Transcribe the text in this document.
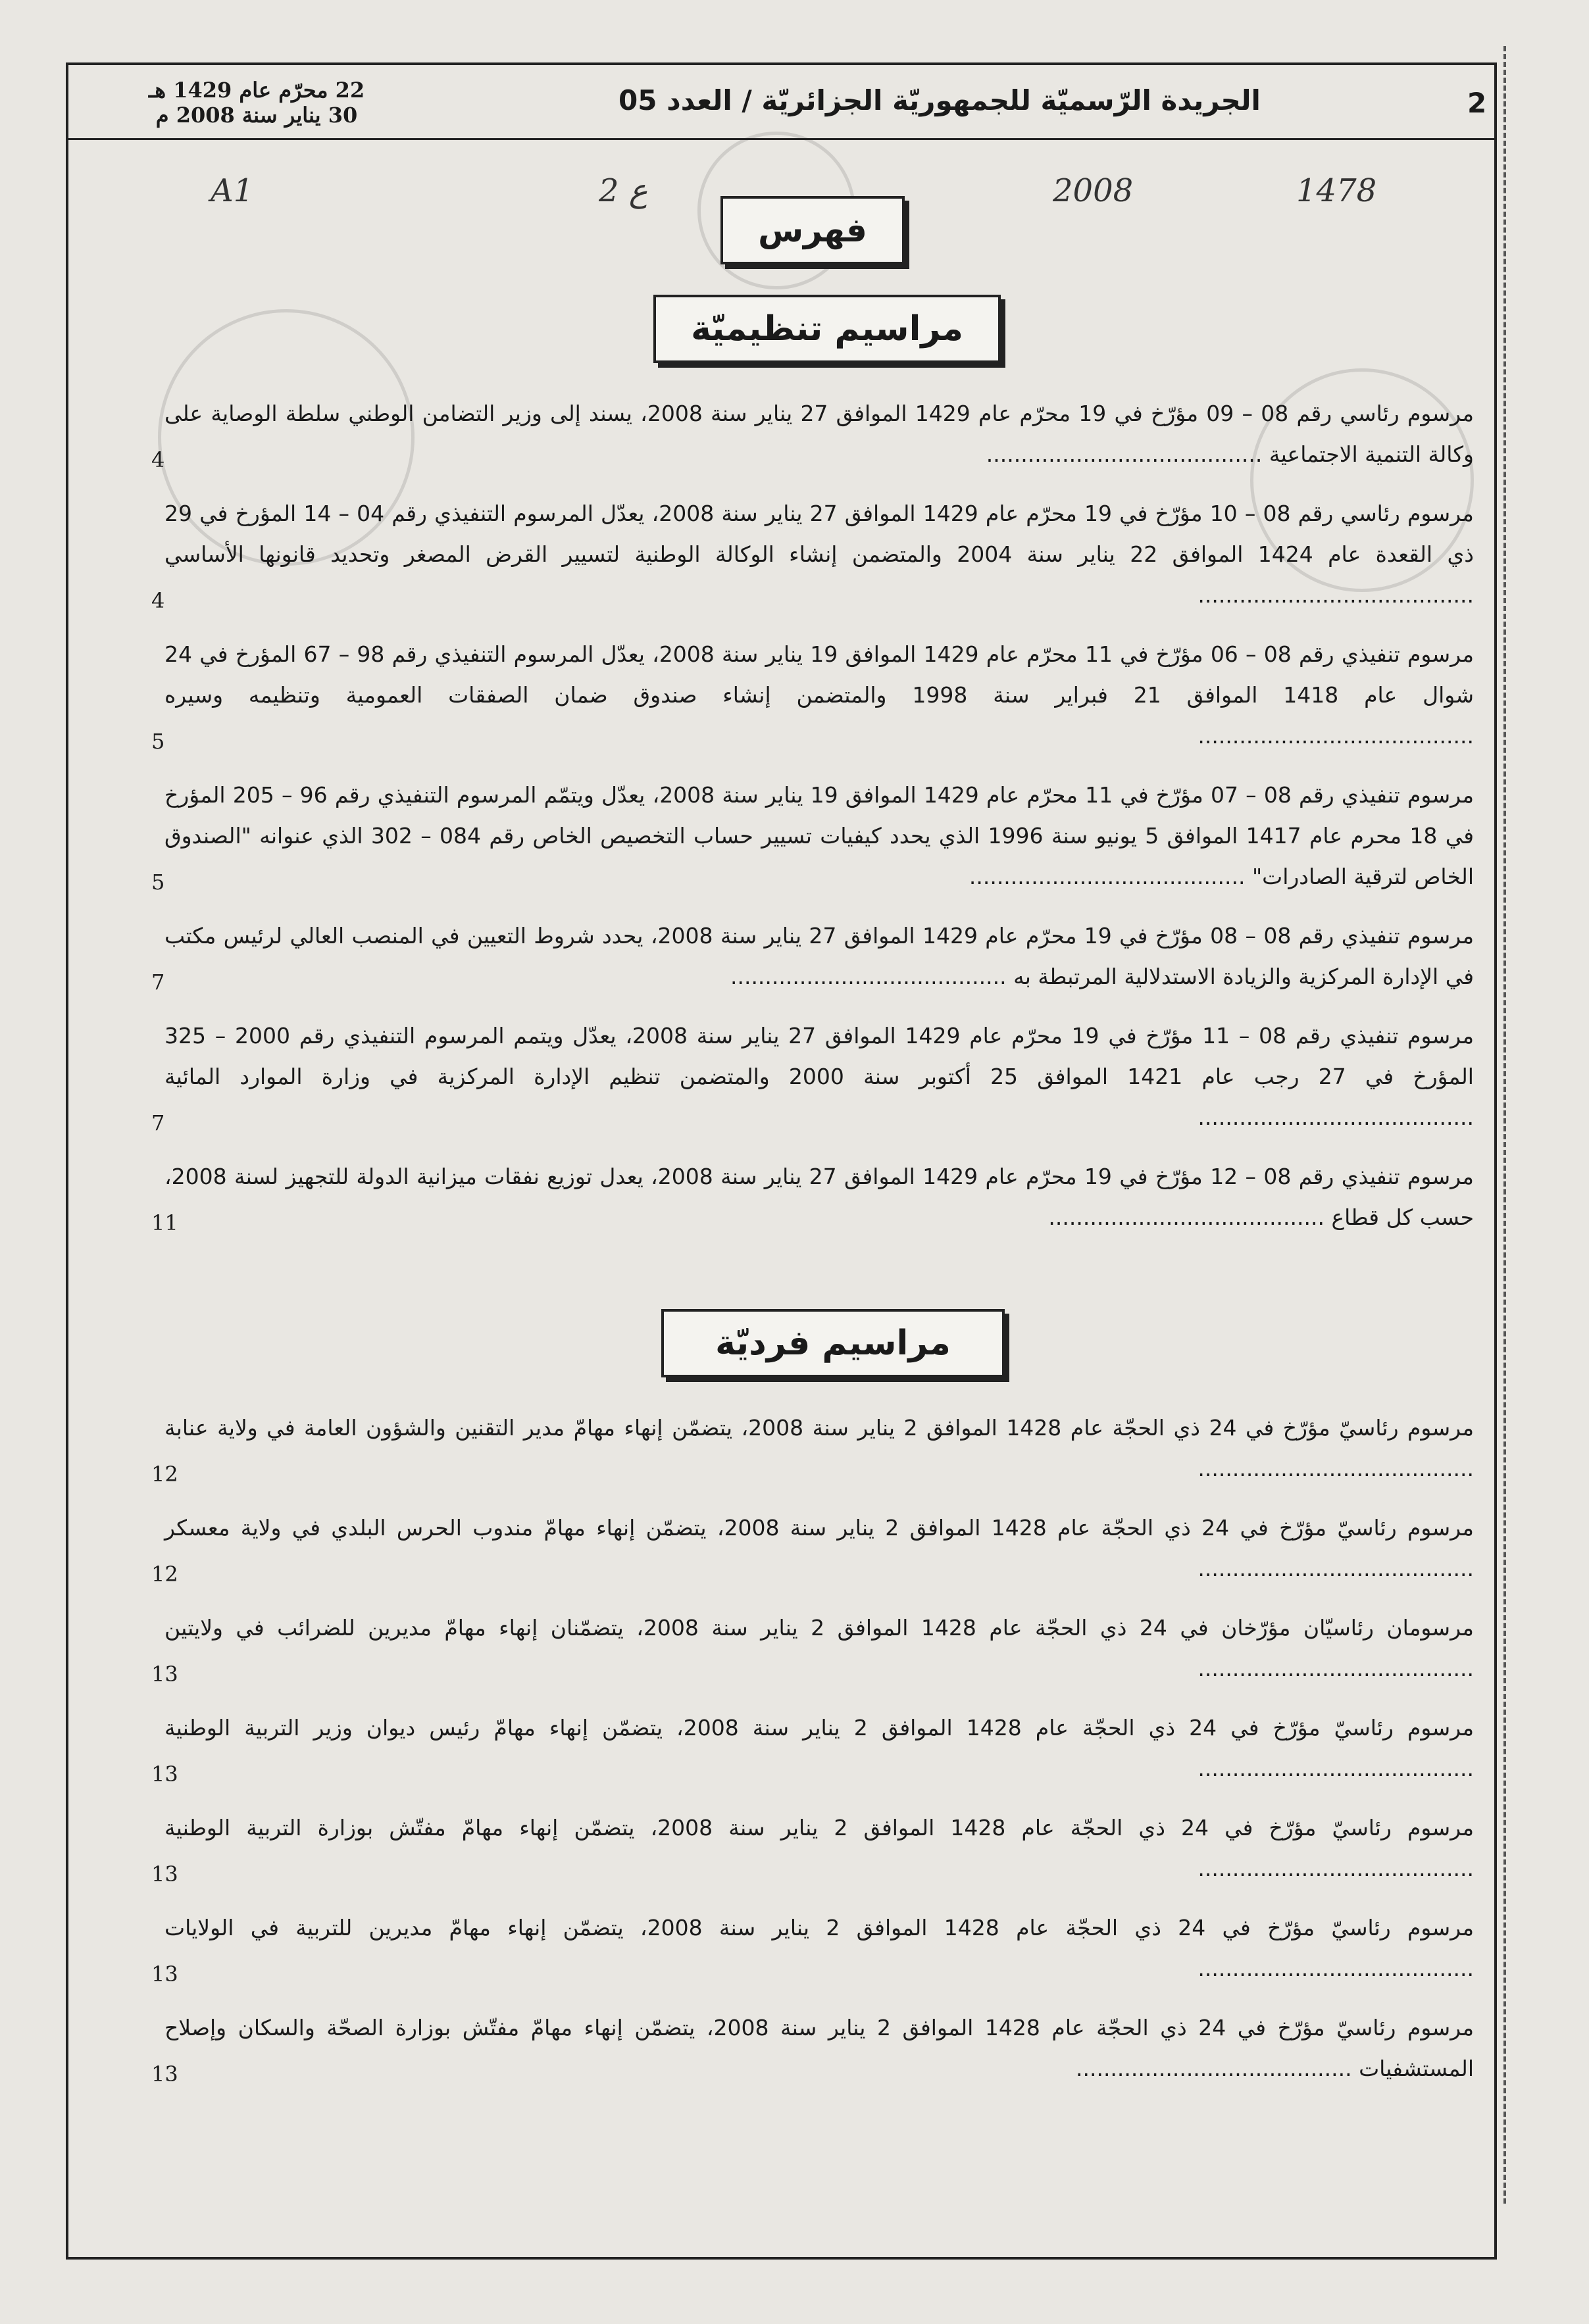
2
الجريدة الرّسميّة للجمهوريّة الجزائريّة / العدد 05
22 محرّم عام 1429 هـ
30 يناير سنة 2008 م
A1	ع 2	2008	1478
فهرس
مراسيم تنظيميّة

مرسوم رئاسي رقم 08 – 09 مؤرّخ في 19 محرّم عام 1429 الموافق 27 يناير سنة 2008، يسند إلى وزير التضامن الوطني سلطة الوصاية على وكالة التنمية الاجتماعية ........................................

4

مرسوم رئاسي رقم 08 – 10 مؤرّخ في 19 محرّم عام 1429 الموافق 27 يناير سنة 2008، يعدّل المرسوم التنفيذي رقم 04 – 14 المؤرخ في 29 ذي القعدة عام 1424 الموافق 22 يناير سنة 2004 والمتضمن إنشاء الوكالة الوطنية لتسيير القرض المصغر وتحديد قانونها الأساسي ........................................

4

مرسوم تنفيذي رقم 08 – 06 مؤرّخ في 11 محرّم عام 1429 الموافق 19 يناير سنة 2008، يعدّل المرسوم التنفيذي رقم 98 – 67 المؤرخ في 24 شوال عام 1418 الموافق 21 فبراير سنة 1998 والمتضمن إنشاء صندوق ضمان الصفقات العمومية وتنظيمه وسيره ........................................

5

مرسوم تنفيذي رقم 08 – 07 مؤرّخ في 11 محرّم عام 1429 الموافق 19 يناير سنة 2008، يعدّل ويتمّم المرسوم التنفيذي رقم 96 – 205 المؤرخ في 18 محرم عام 1417 الموافق 5 يونيو سنة 1996 الذي يحدد كيفيات تسيير حساب التخصيص الخاص رقم 084 – 302 الذي عنوانه "الصندوق الخاص لترقية الصادرات" ........................................

5

مرسوم تنفيذي رقم 08 – 08 مؤرّخ في 19 محرّم عام 1429 الموافق 27 يناير سنة 2008، يحدد شروط التعيين في المنصب العالي لرئيس مكتب في الإدارة المركزية والزيادة الاستدلالية المرتبطة به ........................................

7

مرسوم تنفيذي رقم 08 – 11 مؤرّخ في 19 محرّم عام 1429 الموافق 27 يناير سنة 2008، يعدّل ويتمم المرسوم التنفيذي رقم 2000 – 325 المؤرخ في 27 رجب عام 1421 الموافق 25 أكتوبر سنة 2000 والمتضمن تنظيم الإدارة المركزية في وزارة الموارد المائية ........................................

7

مرسوم تنفيذي رقم 08 – 12 مؤرّخ في 19 محرّم عام 1429 الموافق 27 يناير سنة 2008، يعدل توزيع نفقات ميزانية الدولة للتجهيز لسنة 2008، حسب كل قطاع ........................................

11
مراسيم فرديّة

مرسوم رئاسيّ مؤرّخ في 24 ذي الحجّة عام 1428 الموافق 2 يناير سنة 2008، يتضمّن إنهاء مهامّ مدير التقنين والشؤون العامة في ولاية عنابة ........................................

12

مرسوم رئاسيّ مؤرّخ في 24 ذي الحجّة عام 1428 الموافق 2 يناير سنة 2008، يتضمّن إنهاء مهامّ مندوب الحرس البلدي في ولاية معسكر ........................................

12

مرسومان رئاسيّان مؤرّخان في 24 ذي الحجّة عام 1428 الموافق 2 يناير سنة 2008، يتضمّنان إنهاء مهامّ مديرين للضرائب في ولايتين ........................................

13

مرسوم رئاسيّ مؤرّخ في 24 ذي الحجّة عام 1428 الموافق 2 يناير سنة 2008، يتضمّن إنهاء مهامّ رئيس ديوان وزير التربية الوطنية ........................................

13

مرسوم رئاسيّ مؤرّخ في 24 ذي الحجّة عام 1428 الموافق 2 يناير سنة 2008، يتضمّن إنهاء مهامّ مفتّش بوزارة التربية الوطنية ........................................

13

مرسوم رئاسيّ مؤرّخ في 24 ذي الحجّة عام 1428 الموافق 2 يناير سنة 2008، يتضمّن إنهاء مهامّ مديرين للتربية في الولايات ........................................

13

مرسوم رئاسيّ مؤرّخ في 24 ذي الحجّة عام 1428 الموافق 2 يناير سنة 2008، يتضمّن إنهاء مهامّ مفتّش بوزارة الصحّة والسكان وإصلاح المستشفيات ........................................

13
